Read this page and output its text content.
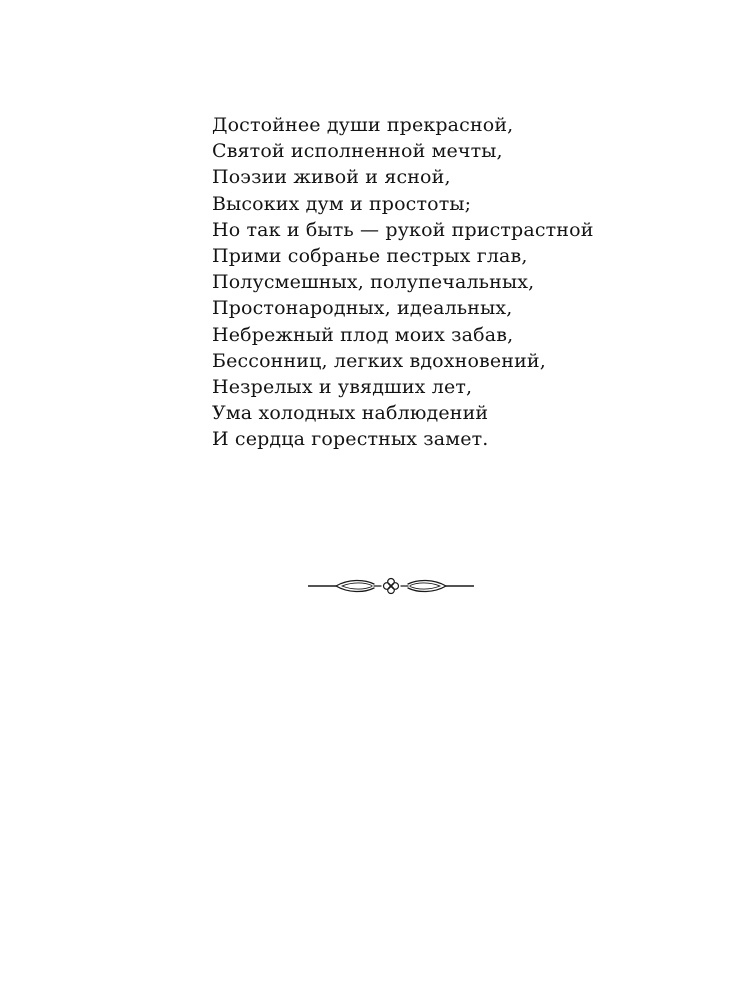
Достойнее души прекрасной,
Святой исполненной мечты,
Поэзии живой и ясной,
Высоких дум и простоты;
Но так и быть — рукой пристрастной
Прими собранье пестрых глав,
Полусмешных, полупечальных,
Простонародных, идеальных,
Небрежный плод моих забав,
Бессонниц, легких вдохновений,
Незрелых и увядших лет,
Ума холодных наблюдений
И сердца горестных замет.
